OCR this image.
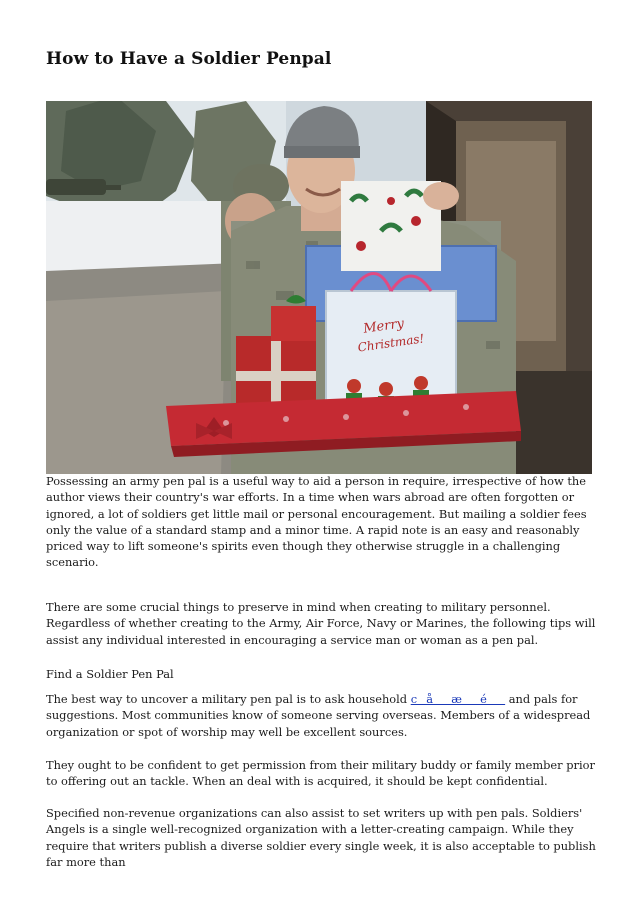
How to Have a Soldier Penpal
Merry
Christmas!

Possessing an army pen pal is a useful way to aid a person in require, irrespective of how the author views their country's war efforts. In a time when wars abroad are often forgotten or ignored, a lot of soldiers get little mail or personal encouragement. But mailing a soldier fees only the value of a standard stamp and a minor time. A rapid note is an easy and reasonably priced way to lift someone's spirits even though they otherwise struggle in a challenging scenario.

There are some crucial things to preserve in mind when creating to military personnel. Regardless of whether creating to the Army, Air Force, Navy or Marines, the following tips will assist any individual interested in encouraging a service man or woman as a pen pal.

Find a Soldier Pen Pal

The best way to uncover a military pen pal is to ask household cåæé and pals for suggestions. Most communities know of someone serving overseas. Members of a widespread organization or spot of worship may well be excellent sources.

They ought to be confident to get permission from their military buddy or family member prior to offering out an tackle. When an deal with is acquired, it should be kept confidential.

Specified non-revenue organizations can also assist to set writers up with pen pals. Soldiers' Angels is a single well-recognized organization with a letter-creating campaign. While they require that writers publish a diverse soldier every single week, it is also acceptable to publish far more than
